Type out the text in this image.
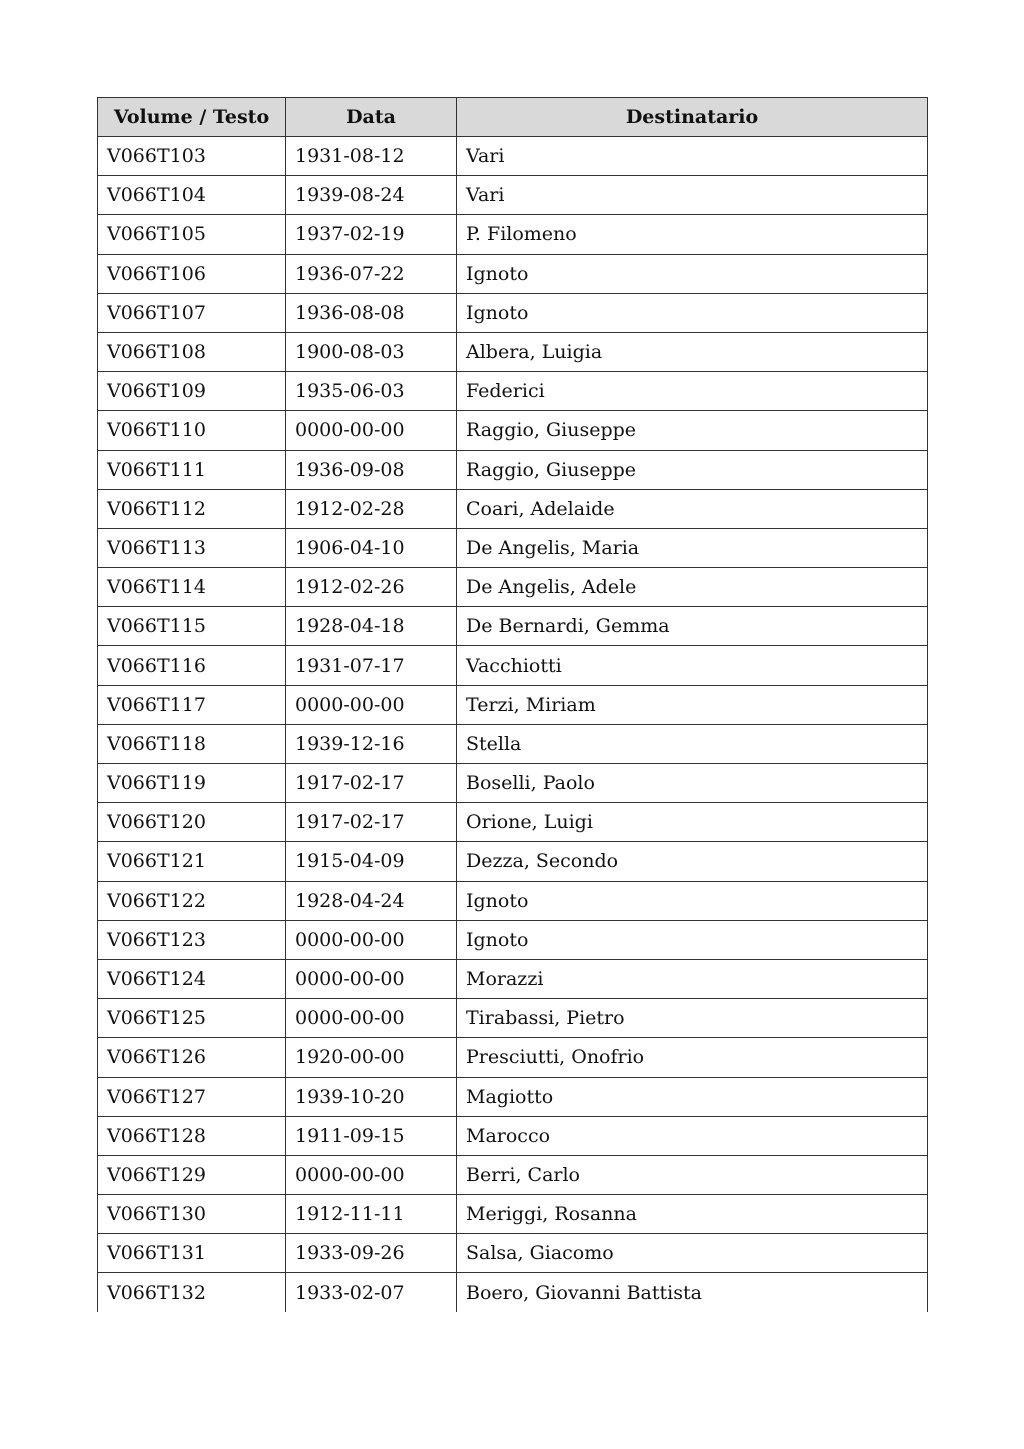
Volume / Testo	Data	Destinatario
V066T103	1931-08-12	Vari
V066T104	1939-08-24	Vari
V066T105	1937-02-19	P. Filomeno
V066T106	1936-07-22	Ignoto
V066T107	1936-08-08	Ignoto
V066T108	1900-08-03	Albera, Luigia
V066T109	1935-06-03	Federici
V066T110	0000-00-00	Raggio, Giuseppe
V066T111	1936-09-08	Raggio, Giuseppe
V066T112	1912-02-28	Coari, Adelaide
V066T113	1906-04-10	De Angelis, Maria
V066T114	1912-02-26	De Angelis, Adele
V066T115	1928-04-18	De Bernardi, Gemma
V066T116	1931-07-17	Vacchiotti
V066T117	0000-00-00	Terzi, Miriam
V066T118	1939-12-16	Stella
V066T119	1917-02-17	Boselli, Paolo
V066T120	1917-02-17	Orione, Luigi
V066T121	1915-04-09	Dezza, Secondo
V066T122	1928-04-24	Ignoto
V066T123	0000-00-00	Ignoto
V066T124	0000-00-00	Morazzi
V066T125	0000-00-00	Tirabassi, Pietro
V066T126	1920-00-00	Presciutti, Onofrio
V066T127	1939-10-20	Magiotto
V066T128	1911-09-15	Marocco
V066T129	0000-00-00	Berri, Carlo
V066T130	1912-11-11	Meriggi, Rosanna
V066T131	1933-09-26	Salsa, Giacomo
V066T132	1933-02-07	Boero, Giovanni Battista
